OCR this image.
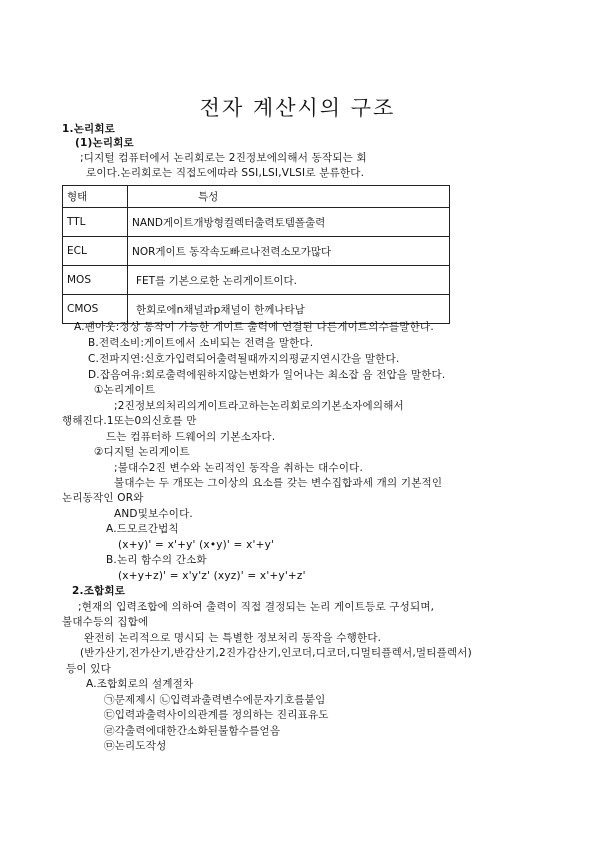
전자 계산시의 구조
1.논리회로
(1)논리회로
;디지털 컴퓨터에서 논리회로는 2진정보에의해서 동작되는 회
로이다.논리회로는 직접도에따라 SSI,LSI,VLSI로 분류한다.
형태	특성
TTL	NAND게이트개방형컬렉터출력토템폴출력
ECL	NOR게이트 동작속도빠르나전력소모가많다
MOS	FET를 기본으로한 논리게이트이다.
CMOS	한회로에n채널과p채널이 한께나타남
A.팬아웃:정상 동작이 가능한 게이트 출력에 연결된 다른게이트의수를말한다.
B.전력소비:게이트에서 소비되는 전력을 말한다.
C.전파지연:신호가입력되어출력될때까지의평균지연시간을 말한다.
D.잡음여유:회로출력에원하지않는변화가 일어나는 최소잡 음 전압을 말한다.
①논리게이트
;2진정보의처리의게이트라고하는논리회로의기본소자에의해서
행해진다.1또는0의신호를 만
드는 컴퓨터하 드웨어의 기본소자다.
②디지털 논리게이트
;불대수2진 변수와 논리적인 동작을 취하는 대수이다.
불대수는 두 개또는 그이상의 요소를 갖는 변수집합과세 개의 기본적인
논리동작인 OR와
AND및보수이다.
A.드모르간법칙
(x+y)' = x'+y' (x•y)' = x'+y'
B.논리 함수의 간소화
(x+y+z)' = x'y'z' (xyz)' = x'+y'+z'
2.조합회로
;현재의 입력조합에 의하여 출력이 직접 결정되는 논리 게이트등로 구성되며,
불대수등의 집합에
완전히 논리적으로 명시되 는 특별한 정보처리 동작을 수행한다.
(반가산기,전가산기,반감산기,2진가감산기,인코더,디코더,디멀티플렉서,멀티플렉서)
등이 있다
A.조합회로의 설계절차
㉠문제제시 ㉡입력과출력변수에문자기호를붙임
㉢입력과출력사이의관계를 정의하는 진리표유도
㉣각출력에대한간소화된불함수를얻음
㉤논리도작성
